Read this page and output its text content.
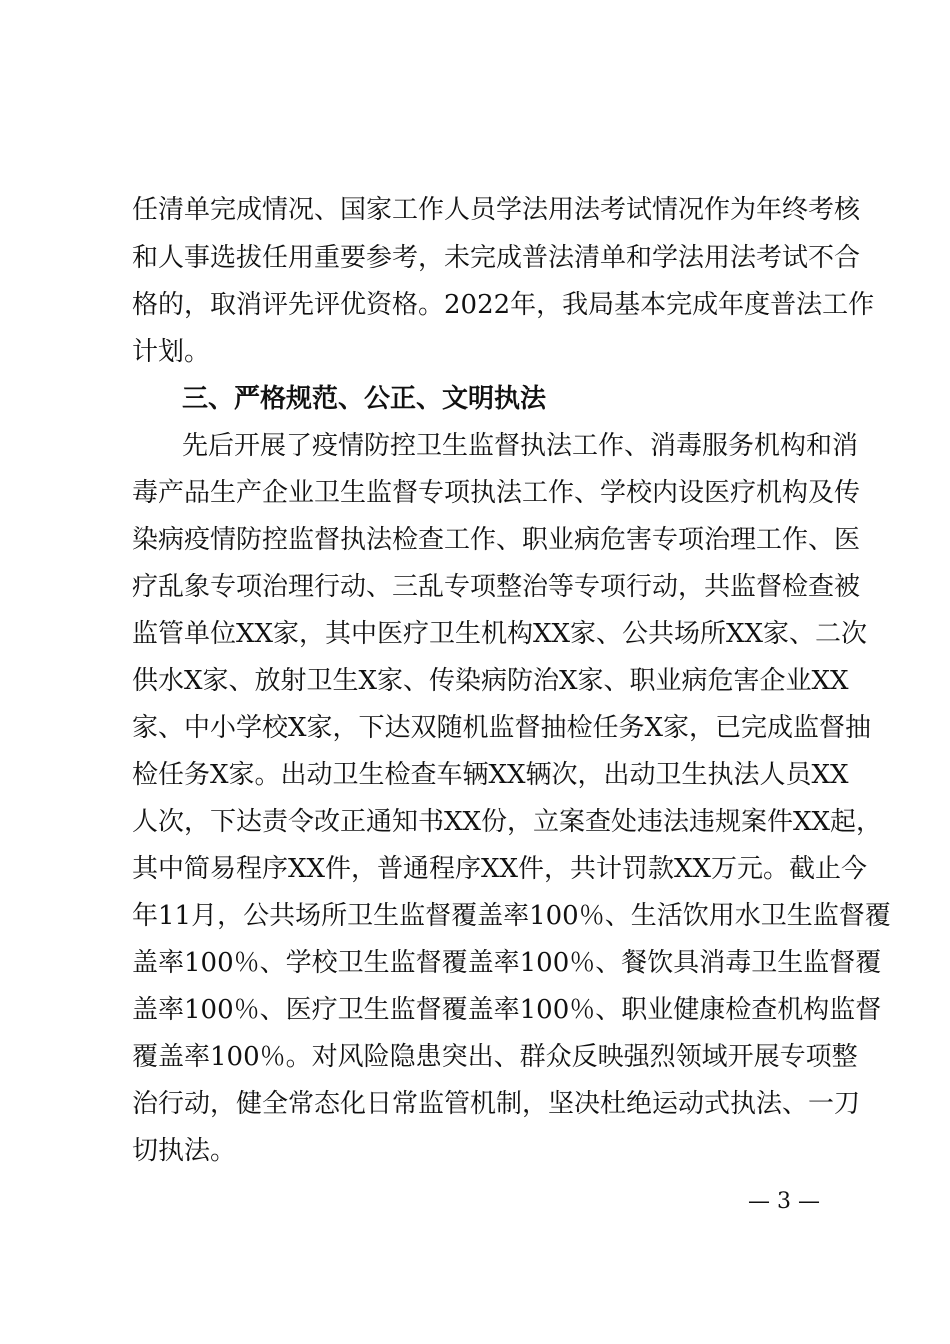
任清单完成情况、国家工作人员学法用法考试情况作为年终考核
和人事选拔任用重要参考，未完成普法清单和学法用法考试不合
格的，取消评先评优资格。2022年，我局基本完成年度普法工作
计划。
三、严格规范、公正、文明执法
先后开展了疫情防控卫生监督执法工作、消毒服务机构和消
毒产品生产企业卫生监督专项执法工作、学校内设医疗机构及传
染病疫情防控监督执法检查工作、职业病危害专项治理工作、医
疗乱象专项治理行动、三乱专项整治等专项行动，共监督检查被
监管单位XX家，其中医疗卫生机构XX家、公共场所XX家、二次
供水X家、放射卫生X家、传染病防治X家、职业病危害企业XX
家、中小学校X家，下达双随机监督抽检任务X家，已完成监督抽
检任务X家。出动卫生检查车辆XX辆次，出动卫生执法人员XX
人次，下达责令改正通知书XX份，立案查处违法违规案件XX起，
其中简易程序XX件，普通程序XX件，共计罚款XX万元。截止今
年11月，公共场所卫生监督覆盖率100％、生活饮用水卫生监督覆
盖率100％、学校卫生监督覆盖率100％、餐饮具消毒卫生监督覆
盖率100％、医疗卫生监督覆盖率100％、职业健康检查机构监督
覆盖率100％。对风险隐患突出、群众反映强烈领域开展专项整
治行动，健全常态化日常监管机制，坚决杜绝运动式执法、一刀
切执法。
— 3 —
